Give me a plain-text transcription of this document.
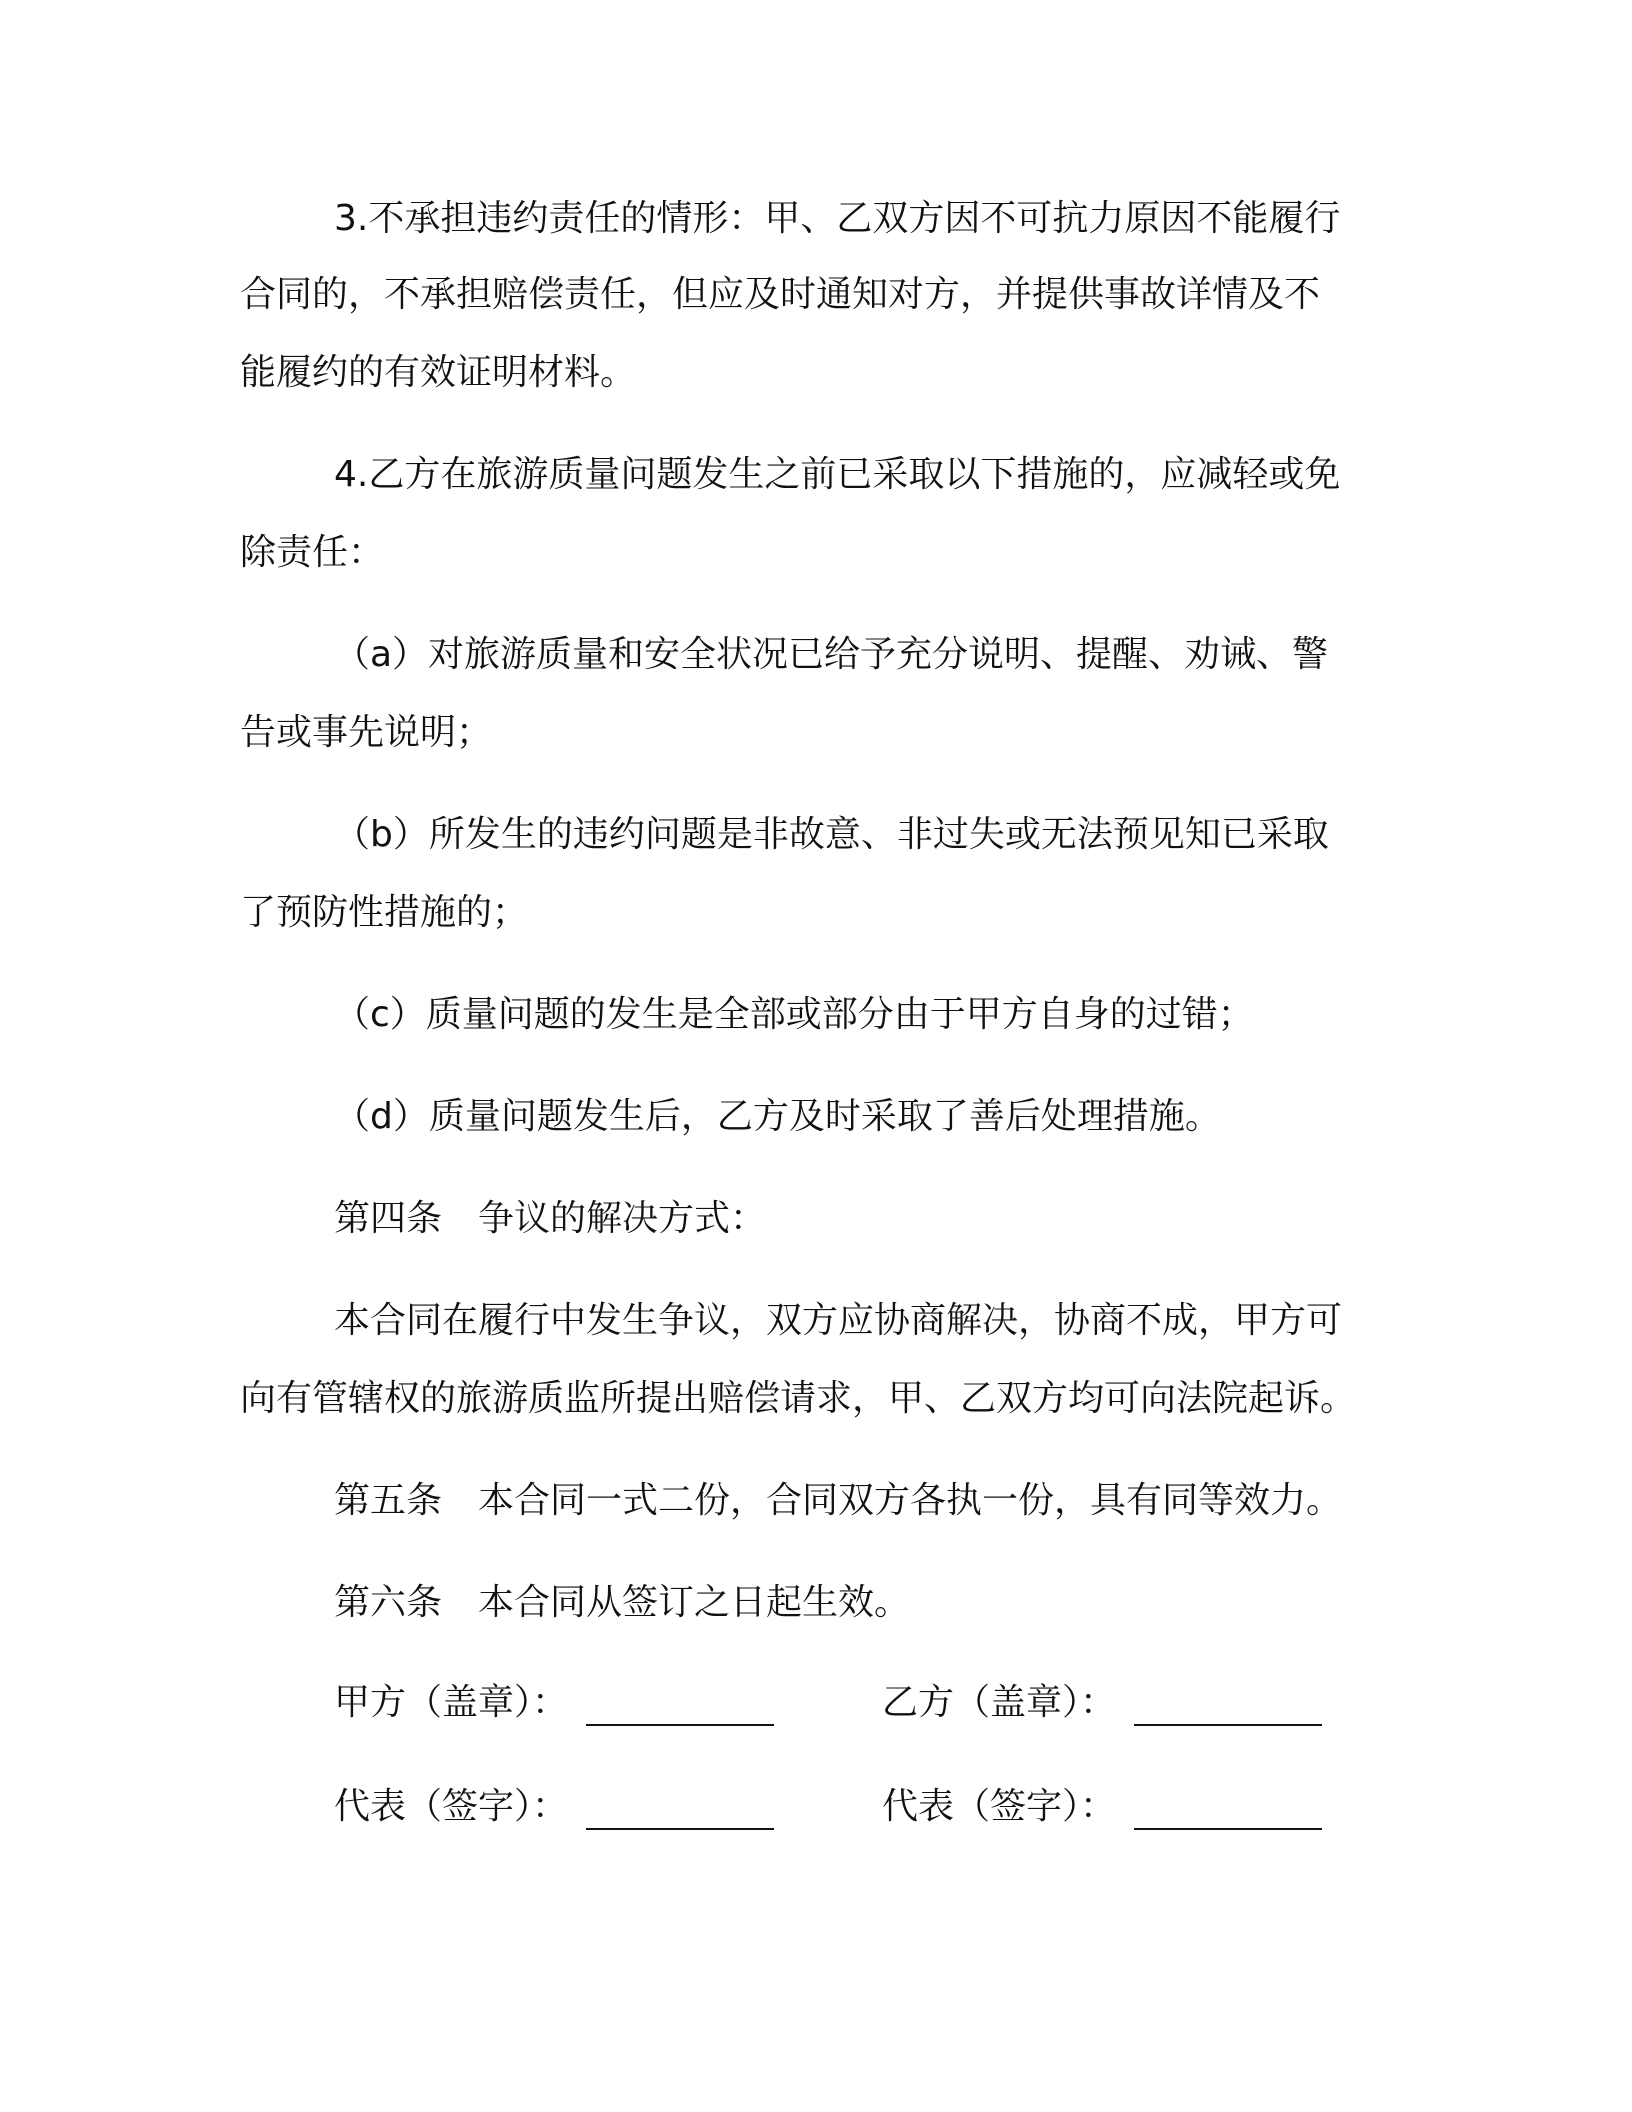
3.不承担违约责任的情形：甲、乙双方因不可抗力原因不能履行
合同的，不承担赔偿责任，但应及时通知对方，并提供事故详情及不
能履约的有效证明材料。
4.乙方在旅游质量问题发生之前已采取以下措施的，应减轻或免
除责任：
（a）对旅游质量和安全状况已给予充分说明、提醒、劝诫、警
告或事先说明；
（b）所发生的违约问题是非故意、非过失或无法预见知已采取
了预防性措施的；
（c）质量问题的发生是全部或部分由于甲方自身的过错；
（d）质量问题发生后，乙方及时采取了善后处理措施。
第四条　争议的解决方式：
本合同在履行中发生争议，双方应协商解决，协商不成，甲方可
向有管辖权的旅游质监所提出赔偿请求，甲、乙双方均可向法院起诉。
第五条　本合同一式二份，合同双方各执一份，具有同等效力。
第六条　本合同从签订之日起生效。
甲方（盖章）：	乙方（盖章）：
代表（签字）：	代表（签字）：
